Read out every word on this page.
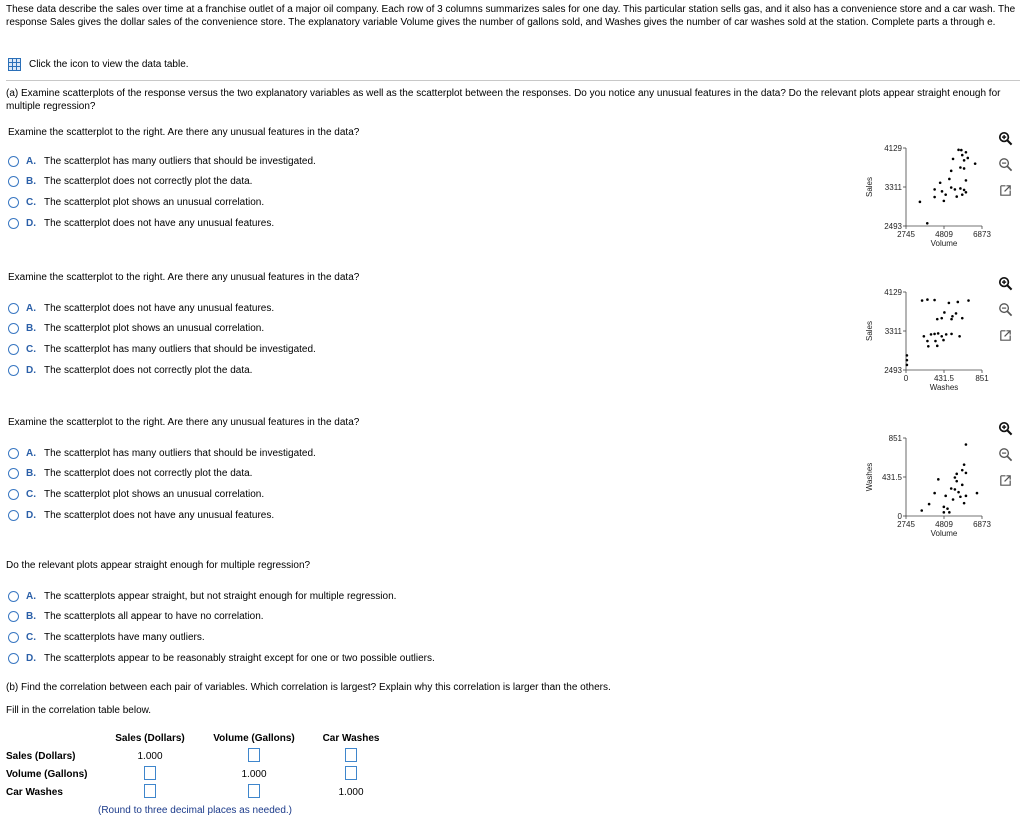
These data describe the sales over time at a franchise outlet of a major oil company. Each row of 3 columns summarizes sales for one day. This particular station sells gas, and it also has a convenience store and a car wash. The response Sales gives the dollar sales of the convenience store. The explanatory variable Volume gives the number of gallons sold, and Washes gives the number of car washes sold at the station. Complete parts a through e.
Click the icon to view the data table.
(a) Examine scatterplots of the response versus the two explanatory variables as well as the scatterplot between the responses. Do you notice any unusual features in the data? Do the relevant plots appear straight enough for multiple regression?
Examine the scatterplot to the right. Are there any unusual features in the data?
A. The scatterplot has many outliers that should be investigated.
B. The scatterplot does not correctly plot the data.
C. The scatterplot plot shows an unusual correlation.
D. The scatterplot does not have any unusual features.
Examine the scatterplot to the right. Are there any unusual features in the data?
A. The scatterplot does not have any unusual features.
B. The scatterplot plot shows an unusual correlation.
C. The scatterplot has many outliers that should be investigated.
D. The scatterplot does not correctly plot the data.
Examine the scatterplot to the right. Are there any unusual features in the data?
A. The scatterplot has many outliers that should be investigated.
B. The scatterplot does not correctly plot the data.
C. The scatterplot plot shows an unusual correlation.
D. The scatterplot does not have any unusual features.
Do the relevant plots appear straight enough for multiple regression?
A. The scatterplots appear straight, but not straight enough for multiple regression.
B. The scatterplots all appear to have no correlation.
C. The scatterplots have many outliers.
D. The scatterplots appear to be reasonably straight except for one or two possible outliers.
(b) Find the correlation between each pair of variables. Which correlation is largest? Explain why this correlation is larger than the others.
Fill in the correlation table below.
	Sales (Dollars)	Volume (Gallons)	Car Washes
Sales (Dollars)	1.000		
Volume (Gallons)		1.000	
Car Washes			1.000
	(Round to three decimal places as needed.)		
4129
3311
2493
2745	4809	6873
Volume
Sales
4129
3311
2493
0	431.5	851
Washes
Sales
851
431.5
0
2745	4809	6873
Volume
Washes
